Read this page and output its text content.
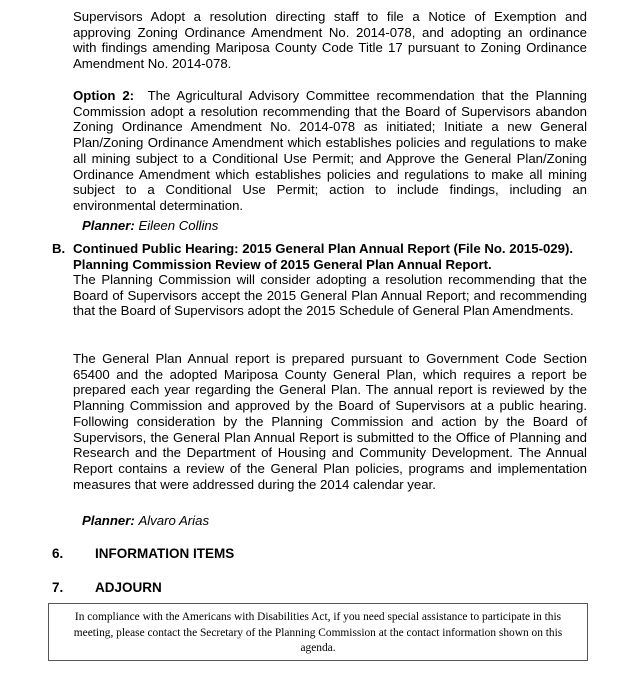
Supervisors Adopt a resolution directing staff to file a Notice of Exemption and approving Zoning Ordinance Amendment No. 2014-078, and adopting an ordinance with findings amending Mariposa County Code Title 17 pursuant to Zoning Ordinance Amendment No. 2014-078.

Option 2: The Agricultural Advisory Committee recommendation that the Planning Commission adopt a resolution recommending that the Board of Supervisors abandon Zoning Ordinance Amendment No. 2014-078 as initiated; Initiate a new General Plan/Zoning Ordinance Amendment which establishes policies and regulations to make all mining subject to a Conditional Use Permit; and Approve the General Plan/Zoning Ordinance Amendment which establishes policies and regulations to make all mining subject to a Conditional Use Permit; action to include findings, including an environmental determination.

Planner: Eileen Collins

B. Continued Public Hearing: 2015 General Plan Annual Report (File No. 2015-029). Planning Commission Review of 2015 General Plan Annual Report.

The Planning Commission will consider adopting a resolution recommending that the Board of Supervisors accept the 2015 General Plan Annual Report; and recommending that the Board of Supervisors adopt the 2015 Schedule of General Plan Amendments.

The General Plan Annual report is prepared pursuant to Government Code Section 65400 and the adopted Mariposa County General Plan, which requires a report be prepared each year regarding the General Plan. The annual report is reviewed by the Planning Commission and approved by the Board of Supervisors at a public hearing. Following consideration by the Planning Commission and action by the Board of Supervisors, the General Plan Annual Report is submitted to the Office of Planning and Research and the Department of Housing and Community Development. The Annual Report contains a review of the General Plan policies, programs and implementation measures that were addressed during the 2014 calendar year.

Planner: Alvaro Arias

6. INFORMATION ITEMS
7. ADJOURN
In compliance with the Americans with Disabilities Act, if you need special assistance to participate in this meeting, please contact the Secretary of the Planning Commission at the contact information shown on this agenda.
